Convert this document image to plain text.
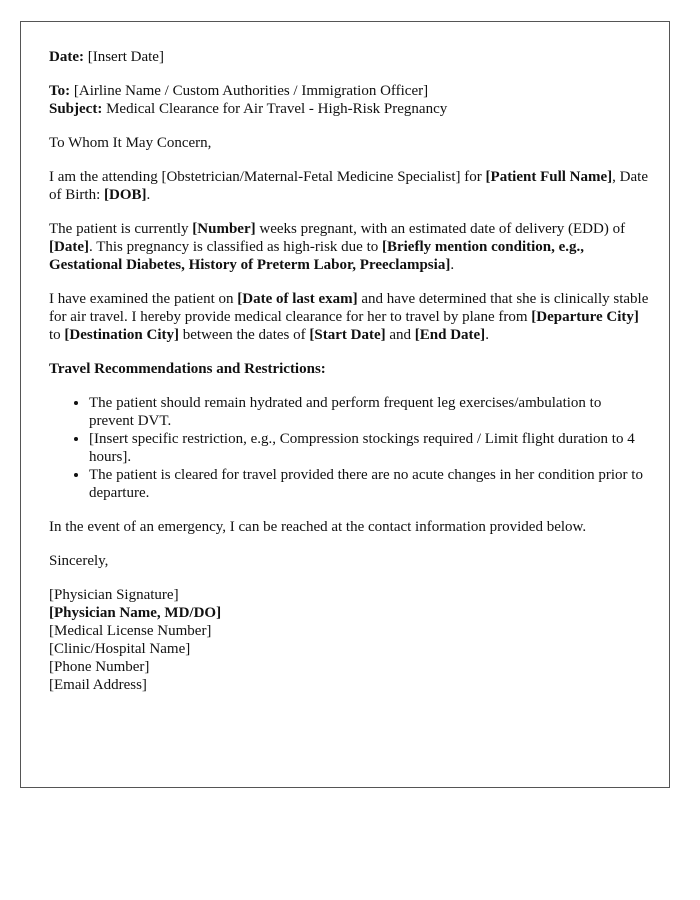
Date: [Insert Date]

To: [Airline Name / Custom Authorities / Immigration Officer]
Subject: Medical Clearance for Air Travel - High-Risk Pregnancy

To Whom It May Concern,

I am the attending [Obstetrician/Maternal-Fetal Medicine Specialist] for [Patient Full Name], Date of Birth: [DOB].

The patient is currently [Number] weeks pregnant, with an estimated date of delivery (EDD) of [Date]. This pregnancy is classified as high-risk due to [Briefly mention condition, e.g., Gestational Diabetes, History of Preterm Labor, Preeclampsia].

I have examined the patient on [Date of last exam] and have determined that she is clinically stable for air travel. I hereby provide medical clearance for her to travel by plane from [Departure City] to [Destination City] between the dates of [Start Date] and [End Date].

Travel Recommendations and Restrictions:

• The patient should remain hydrated and perform frequent leg exercises/ambulation to prevent DVT.
• [Insert specific restriction, e.g., Compression stockings required / Limit flight duration to 4 hours].
• The patient is cleared for travel provided there are no acute changes in her condition prior to departure.

In the event of an emergency, I can be reached at the contact information provided below.

Sincerely,

[Physician Signature]

[Physician Name, MD/DO]

[Medical License Number]

[Clinic/Hospital Name]

[Phone Number]

[Email Address]
